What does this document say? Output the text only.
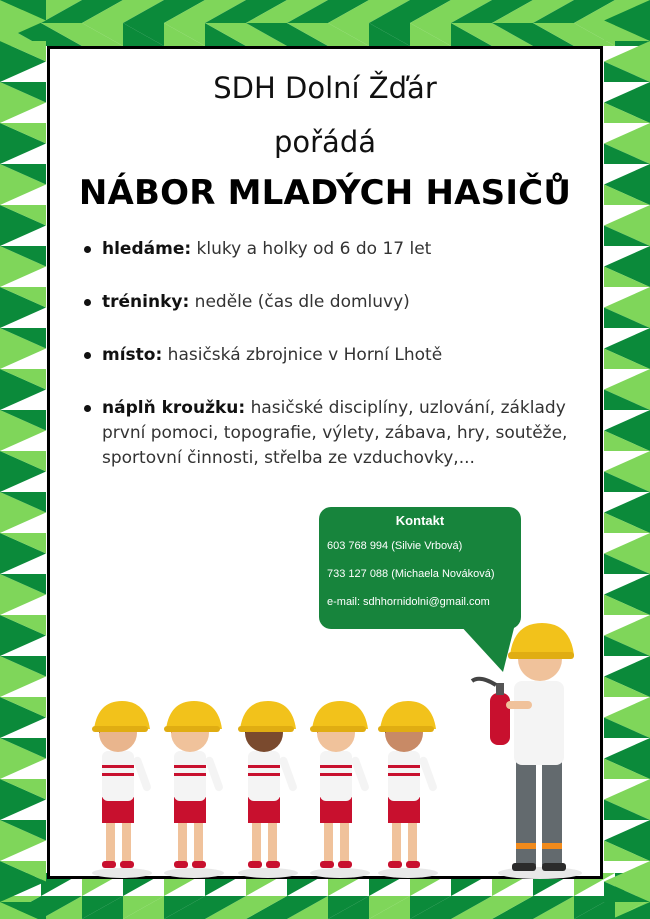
SDH Dolní Žďár
pořádá
NÁBOR MLADÝCH HASIČŮ
hledáme: kluky a holky od 6 do 17 let
tréninky: neděle (čas dle domluvy)
místo: hasičská zbrojnice v Horní Lhotě
náplň kroužku: hasičské disciplíny, uzlování, základy první pomoci, topografie, výlety, zábava, hry, soutěže, sportovní činnosti, střelba ze vzduchovky,...
Kontakt
603 768 994 (Silvie Vrbová)
733 127 088 (Michaela Nováková)
e-mail: sdhhornidolni@gmail.com
